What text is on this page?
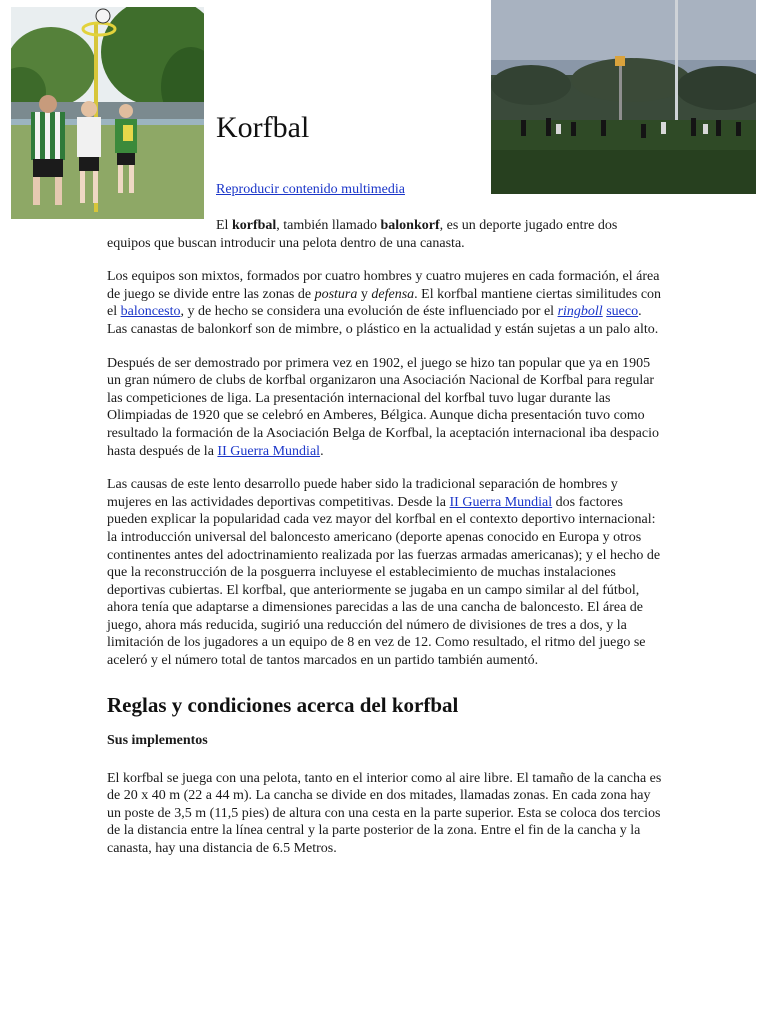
Korfbal
Reproducir contenido multimedia

El korfbal, también llamado balonkorf, es un deporte jugado entre dos equipos que buscan introducir una pelota dentro de una canasta.

Los equipos son mixtos, formados por cuatro hombres y cuatro mujeres en cada formación, el área de juego se divide entre las zonas de postura y defensa. El korfbal mantiene ciertas similitudes con el baloncesto, y de hecho se considera una evolución de éste influenciado por el ringboll sueco. Las canastas de balonkorf son de mimbre, o plástico en la actualidad y están sujetas a un palo alto.

Después de ser demostrado por primera vez en 1902, el juego se hizo tan popular que ya en 1905 un gran número de clubs de korfbal organizaron una Asociación Nacional de Korfbal para regular las competiciones de liga. La presentación internacional del korfbal tuvo lugar durante las Olimpiadas de 1920 que se celebró en Amberes, Bélgica. Aunque dicha presentación tuvo como resultado la formación de la Asociación Belga de Korfbal, la aceptación internacional iba despacio hasta después de la II Guerra Mundial.

Las causas de este lento desarrollo puede haber sido la tradicional separación de hombres y mujeres en las actividades deportivas competitivas. Desde la II Guerra Mundial dos factores pueden explicar la popularidad cada vez mayor del korfbal en el contexto deportivo internacional: la introducción universal del baloncesto americano (deporte apenas conocido en Europa y otros continentes antes del adoctrinamiento realizada por las fuerzas armadas americanas); y el hecho de que la reconstrucción de la posguerra incluyese el establecimiento de muchas instalaciones deportivas cubiertas. El korfbal, que anteriormente se jugaba en un campo similar al del fútbol, ahora tenía que adaptarse a dimensiones parecidas a las de una cancha de baloncesto. El área de juego, ahora más reducida, sugirió una reducción del número de divisiones de tres a dos, y la limitación de los jugadores a un equipo de 8 en vez de 12. Como resultado, el ritmo del juego se aceleró y el número total de tantos marcados en un partido también aumentó.

Reglas y condiciones acerca del korfbal
Sus implementos

El korfbal se juega con una pelota, tanto en el interior como al aire libre. El tamaño de la cancha es de 20 x 40 m (22 a 44 m). La cancha se divide en dos mitades, llamadas zonas. En cada zona hay un poste de 3,5 m (11,5 pies) de altura con una cesta en la parte superior. Esta se coloca dos tercios de la distancia entre la línea central y la parte posterior de la zona. Entre el fin de la cancha y la canasta, hay una distancia de 6.5 Metros.
